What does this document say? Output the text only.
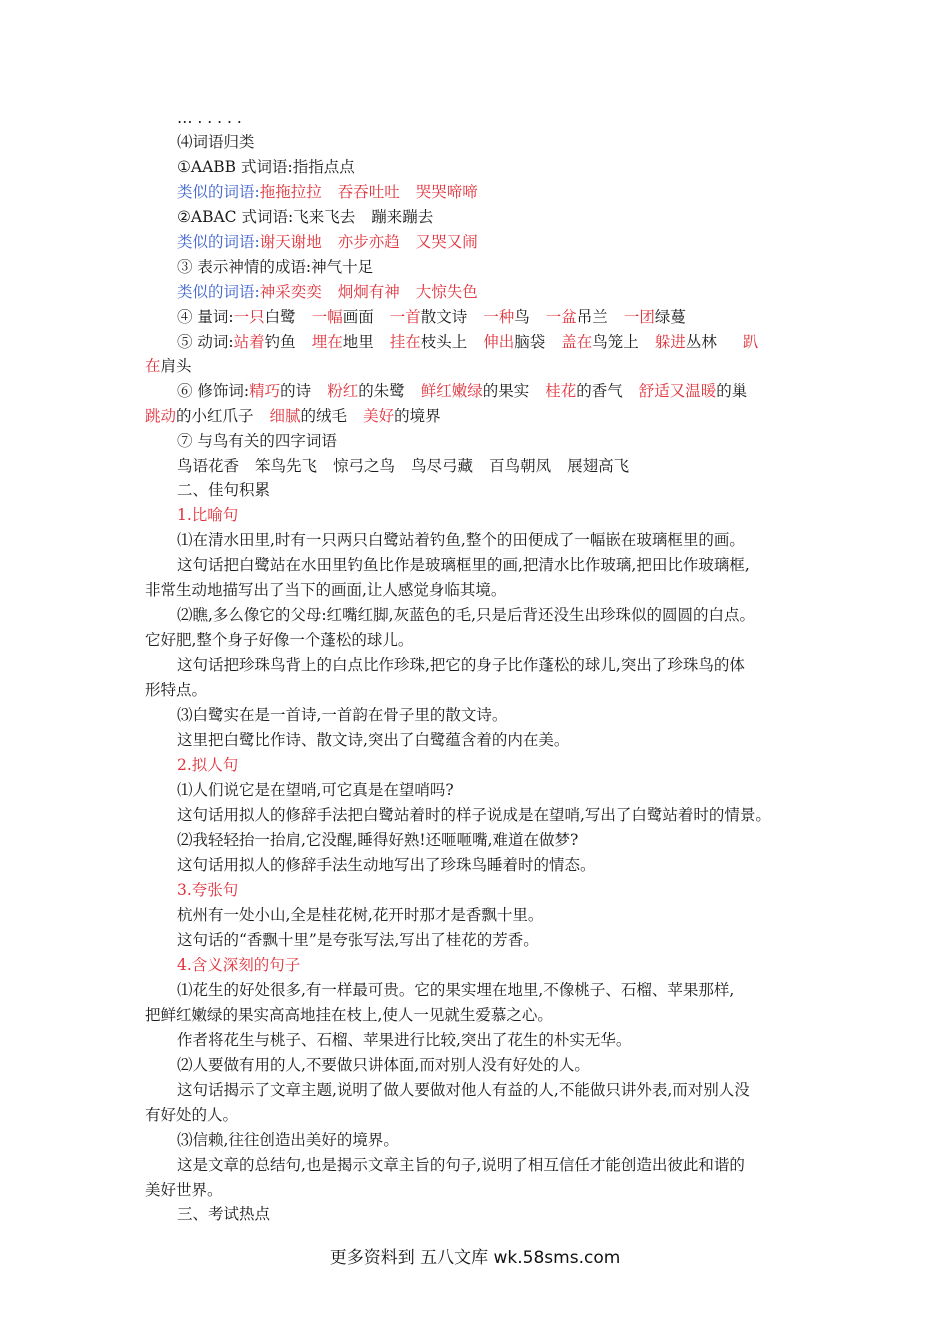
… . . . . .
⑷词语归类
①AABB 式词语:指指点点
类似的词语:拖拖拉拉 吞吞吐吐 哭哭啼啼
②ABAC 式词语:飞来飞去 蹦来蹦去
类似的词语:谢天谢地 亦步亦趋 又哭又闹
③ 表示神情的成语:神气十足
类似的词语:神采奕奕 炯炯有神 大惊失色
④ 量词:一只白鹭 一幅画面 一首散文诗 一种鸟 一盆吊兰 一团绿蔓
⑤ 动词:站着钓鱼 埋在地里 挂在枝头上 伸出脑袋 盖在鸟笼上 躲进丛林 趴
在肩头
⑥ 修饰词:精巧的诗 粉红的朱鹭 鲜红嫩绿的果实 桂花的香气 舒适又温暖的巢
跳动的小红爪子 细腻的绒毛 美好的境界
⑦ 与鸟有关的四字词语
鸟语花香 笨鸟先飞 惊弓之鸟 鸟尽弓藏 百鸟朝凤 展翅高飞
二、佳句积累
1.比喻句
⑴在清水田里,时有一只两只白鹭站着钓鱼,整个的田便成了一幅嵌在玻璃框里的画。
这句话把白鹭站在水田里钓鱼比作是玻璃框里的画,把清水比作玻璃,把田比作玻璃框,
非常生动地描写出了当下的画面,让人感觉身临其境。
⑵瞧,多么像它的父母:红嘴红脚,灰蓝色的毛,只是后背还没生出珍珠似的圆圆的白点。
它好肥,整个身子好像一个蓬松的球儿。
这句话把珍珠鸟背上的白点比作珍珠,把它的身子比作蓬松的球儿,突出了珍珠鸟的体
形特点。
⑶白鹭实在是一首诗,一首韵在骨子里的散文诗。
这里把白鹭比作诗、散文诗,突出了白鹭蕴含着的内在美。
2.拟人句
⑴人们说它是在望哨,可它真是在望哨吗?
这句话用拟人的修辞手法把白鹭站着时的样子说成是在望哨,写出了白鹭站着时的情景。
⑵我轻轻抬一抬肩,它没醒,睡得好熟!还咂咂嘴,难道在做梦?
这句话用拟人的修辞手法生动地写出了珍珠鸟睡着时的情态。
3.夸张句
杭州有一处小山,全是桂花树,花开时那才是香飘十里。
这句话的“香飘十里”是夸张写法,写出了桂花的芳香。
4.含义深刻的句子
⑴花生的好处很多,有一样最可贵。它的果实埋在地里,不像桃子、石榴、苹果那样,
把鲜红嫩绿的果实高高地挂在枝上,使人一见就生爱慕之心。
作者将花生与桃子、石榴、苹果进行比较,突出了花生的朴实无华。
⑵人要做有用的人,不要做只讲体面,而对别人没有好处的人。
这句话揭示了文章主题,说明了做人要做对他人有益的人,不能做只讲外表,而对别人没
有好处的人。
⑶信赖,往往创造出美好的境界。
这是文章的总结句,也是揭示文章主旨的句子,说明了相互信任才能创造出彼此和谐的
美好世界。
三、考试热点
更多资料到 五八文库 wk.58sms.com
